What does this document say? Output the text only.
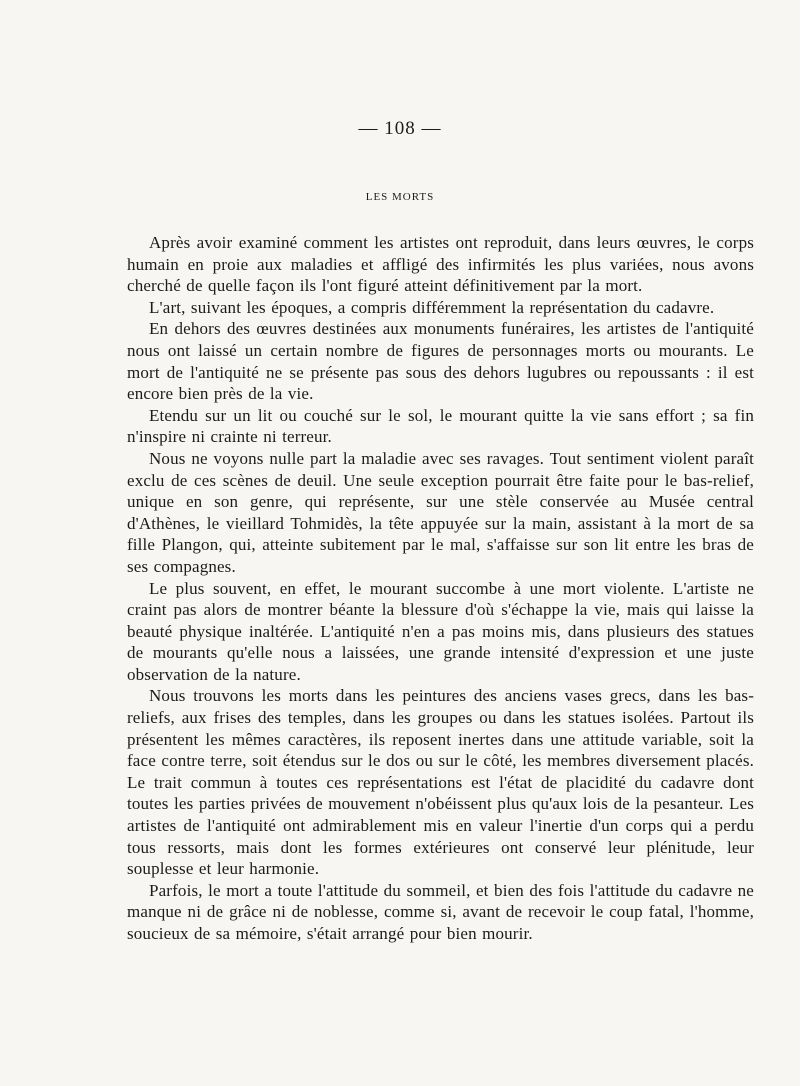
— 108 —
LES MORTS

Après avoir examiné comment les artistes ont reproduit, dans leurs œuvres, le corps humain en proie aux maladies et affligé des infirmités les plus variées, nous avons cherché de quelle façon ils l'ont figuré atteint définitivement par la mort.

L'art, suivant les époques, a compris différemment la représentation du cadavre.

En dehors des œuvres destinées aux monuments funéraires, les artistes de l'antiquité nous ont laissé un certain nombre de figures de personnages morts ou mourants. Le mort de l'antiquité ne se présente pas sous des dehors lugubres ou repoussants : il est encore bien près de la vie.

Etendu sur un lit ou couché sur le sol, le mourant quitte la vie sans effort ; sa fin n'inspire ni crainte ni terreur.

Nous ne voyons nulle part la maladie avec ses ravages. Tout sentiment violent paraît exclu de ces scènes de deuil. Une seule exception pourrait être faite pour le bas-relief, unique en son genre, qui représente, sur une stèle conservée au Musée central d'Athènes, le vieillard Tohmidès, la tête appuyée sur la main, assistant à la mort de sa fille Plangon, qui, atteinte subitement par le mal, s'affaisse sur son lit entre les bras de ses compagnes.

Le plus souvent, en effet, le mourant succombe à une mort violente. L'artiste ne craint pas alors de montrer béante la blessure d'où s'échappe la vie, mais qui laisse la beauté physique inaltérée. L'antiquité n'en a pas moins mis, dans plusieurs des statues de mourants qu'elle nous a laissées, une grande intensité d'expression et une juste observation de la nature.

Nous trouvons les morts dans les peintures des anciens vases grecs, dans les bas-reliefs, aux frises des temples, dans les groupes ou dans les statues isolées. Partout ils présentent les mêmes caractères, ils reposent inertes dans une attitude variable, soit la face contre terre, soit étendus sur le dos ou sur le côté, les membres diversement placés. Le trait commun à toutes ces représentations est l'état de placidité du cadavre dont toutes les parties privées de mouvement n'obéissent plus qu'aux lois de la pesanteur. Les artistes de l'antiquité ont admirablement mis en valeur l'inertie d'un corps qui a perdu tous ressorts, mais dont les formes extérieures ont conservé leur plénitude, leur souplesse et leur harmonie.

Parfois, le mort a toute l'attitude du sommeil, et bien des fois l'attitude du cadavre ne manque ni de grâce ni de noblesse, comme si, avant de recevoir le coup fatal, l'homme, soucieux de sa mémoire, s'était arrangé pour bien mourir.
